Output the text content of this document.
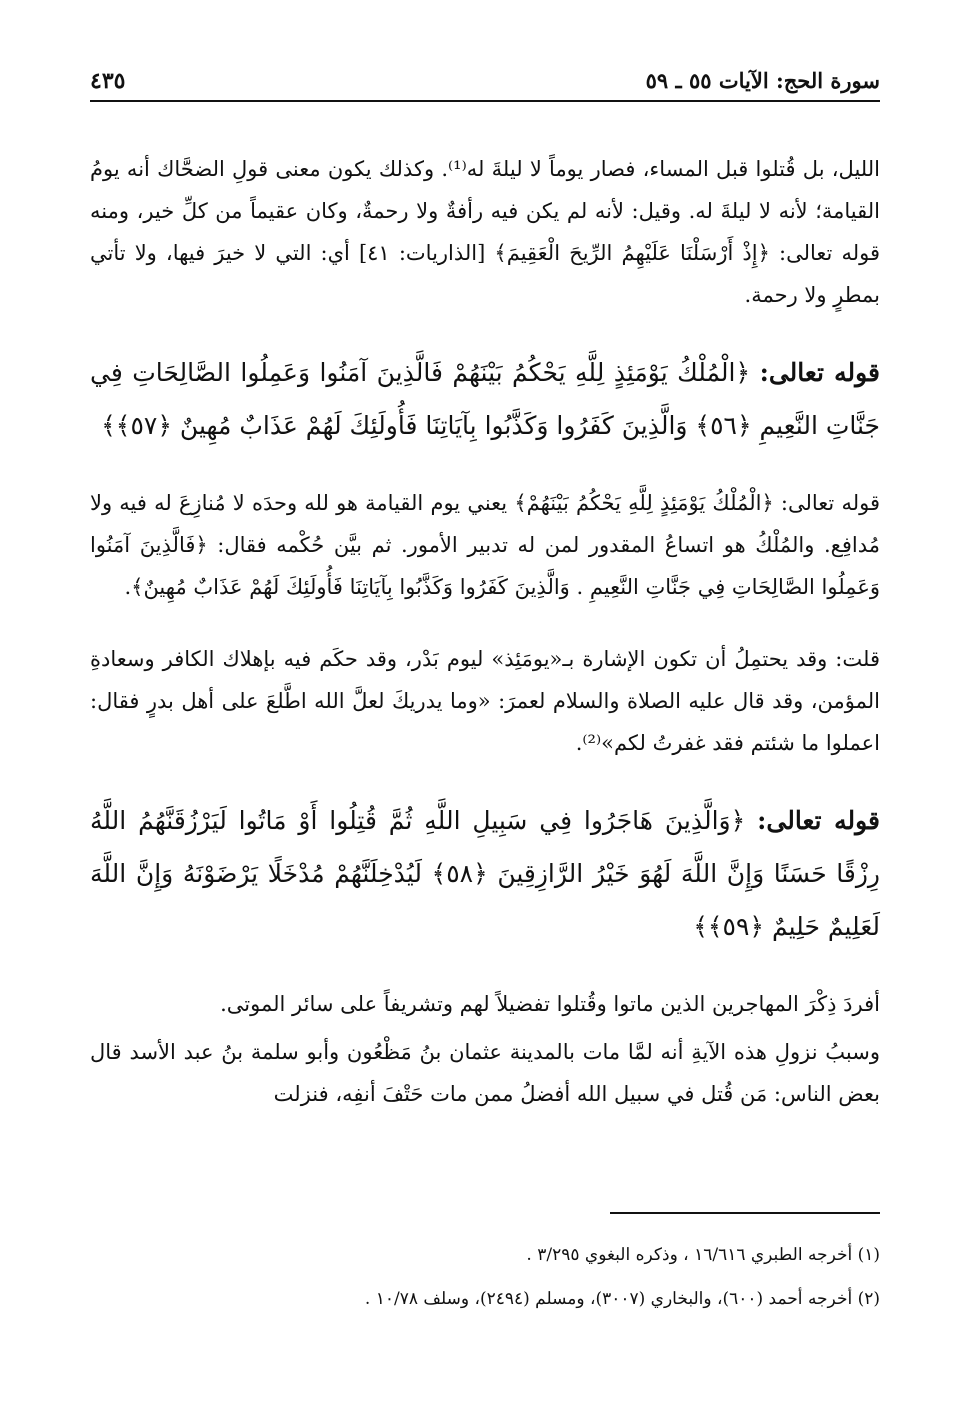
سورة الحج: الآيات ٥٥ ـ ٥٩
٤٣٥

الليل، بل قُتلوا قبل المساء، فصار يوماً لا ليلةَ له⁽¹⁾. وكذلك يكون معنى قولِ الضحَّاك أنه يومُ القيامة؛ لأنه لا ليلةَ له. وقيل: لأنه لم يكن فيه رأفةٌ ولا رحمةٌ، وكان عقيماً من كلِّ خير، ومنه قوله تعالى: ﴿إِذْ أَرْسَلْنَا عَلَيْهِمُ الرِّيحَ الْعَقِيمَ﴾ [الذاريات: ٤١] أي: التي لا خيرَ فيها، ولا تأتي بمطرٍ ولا رحمة.

قوله تعالى: ﴿الْمُلْكُ يَوْمَئِذٍ لِلَّهِ يَحْكُمُ بَيْنَهُمْ فَالَّذِينَ آمَنُوا وَعَمِلُوا الصَّالِحَاتِ فِي جَنَّاتِ النَّعِيمِ ﴿٥٦﴾ وَالَّذِينَ كَفَرُوا وَكَذَّبُوا بِآيَاتِنَا فَأُولَئِكَ لَهُمْ عَذَابٌ مُهِينٌ ﴿٥٧﴾﴾

قوله تعالى: ﴿الْمُلْكُ يَوْمَئِذٍ لِلَّهِ يَحْكُمُ بَيْنَهُمْ﴾ يعني يوم القيامة هو لله وحدَه لا مُنازِعَ له فيه ولا مُدافِع. والمُلْكُ هو اتساعُ المقدور لمن له تدبير الأمور. ثم بيَّن حُكْمه فقال: ﴿فَالَّذِينَ آمَنُوا وَعَمِلُوا الصَّالِحَاتِ فِي جَنَّاتِ النَّعِيمِ . وَالَّذِينَ كَفَرُوا وَكَذَّبُوا بِآيَاتِنَا فَأُولَئِكَ لَهُمْ عَذَابٌ مُهِينٌ﴾.

قلت: وقد يحتمِلُ أن تكون الإشارة بـ«يومَئِذ» ليوم بَدْر، وقد حكَم فيه بإهلاك الكافر وسعادةِ المؤمن، وقد قال عليه الصلاة والسلام لعمرَ: «وما يدريكَ لعلَّ الله اطَّلعَ على أهل بدرٍ فقال: اعملوا ما شئتم فقد غفرتُ لكم»⁽²⁾.

قوله تعالى: ﴿وَالَّذِينَ هَاجَرُوا فِي سَبِيلِ اللَّهِ ثُمَّ قُتِلُوا أَوْ مَاتُوا لَيَرْزُقَنَّهُمُ اللَّهُ رِزْقًا حَسَنًا وَإِنَّ اللَّهَ لَهُوَ خَيْرُ الرَّازِقِينَ ﴿٥٨﴾ لَيُدْخِلَنَّهُمْ مُدْخَلًا يَرْضَوْنَهُ وَإِنَّ اللَّهَ لَعَلِيمٌ حَلِيمٌ ﴿٥٩﴾﴾

أفردَ ذِكْرَ المهاجرين الذين ماتوا وقُتلوا تفضيلاً لهم وتشريفاً على سائر الموتى.

وسببُ نزولِ هذه الآيةِ أنه لمَّا مات بالمدينة عثمان بنُ مَظْعُون وأبو سلمة بنُ عبد الأسد قال بعض الناس: مَن قُتل في سبيل الله أفضلُ ممن مات حَتْفَ أنفِه، فنزلت

(١) أخرجه الطبري ١٦/٦١٦ ، وذكره البغوي ٣/٢٩٥ .

(٢) أخرجه أحمد (٦٠٠)، والبخاري (٣٠٠٧)، ومسلم (٢٤٩٤)، وسلف ١٠/٧٨ .
